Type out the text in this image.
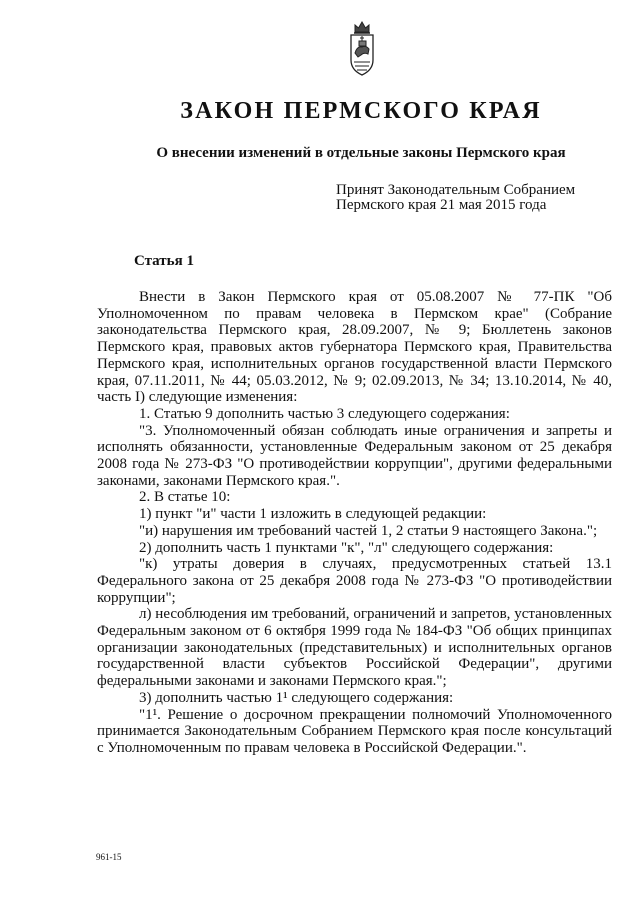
ЗАКОН ПЕРМСКОГО КРАЯ
О внесении изменений в отдельные законы Пермского края
Принят Законодательным Собранием
Пермского края 21 мая 2015 года
Статья 1

Внести в Закон Пермского края от 05.08.2007 № 77-ПК "Об Уполномоченном по правам человека в Пермском крае" (Собрание законодательства Пермского края, 28.09.2007, № 9; Бюллетень законов Пермского края, правовых актов губернатора Пермского края, Правительства Пермского края, исполнительных органов государственной власти Пермского края, 07.11.2011, № 44; 05.03.2012, № 9; 02.09.2013, № 34; 13.10.2014, № 40, часть I) следующие изменения:

1. Статью 9 дополнить частью 3 следующего содержания:

"3. Уполномоченный обязан соблюдать иные ограничения и запреты и исполнять обязанности, установленные Федеральным законом от 25 декабря 2008 года № 273-ФЗ "О противодействии коррупции", другими федеральными законами, законами Пермского края.".

2. В статье 10:

1) пункт "и" части 1 изложить в следующей редакции:

"и) нарушения им требований частей 1, 2 статьи 9 настоящего Закона.";

2) дополнить часть 1 пунктами "к", "л" следующего содержания:

"к) утраты доверия в случаях, предусмотренных статьей 13.1 Федерального закона от 25 декабря 2008 года № 273-ФЗ "О противодействии коррупции";

л) несоблюдения им требований, ограничений и запретов, установленных Федеральным законом от 6 октября 1999 года № 184-ФЗ "Об общих принципах организации законодательных (представительных) и исполнительных органов государственной власти субъектов Российской Федерации", другими федеральными законами и законами Пермского края.";

3) дополнить частью 1¹ следующего содержания:

"1¹. Решение о досрочном прекращении полномочий Уполномоченного принимается Законодательным Собранием Пермского края после консультаций с Уполномоченным по правам человека в Российской Федерации.".

961-15
